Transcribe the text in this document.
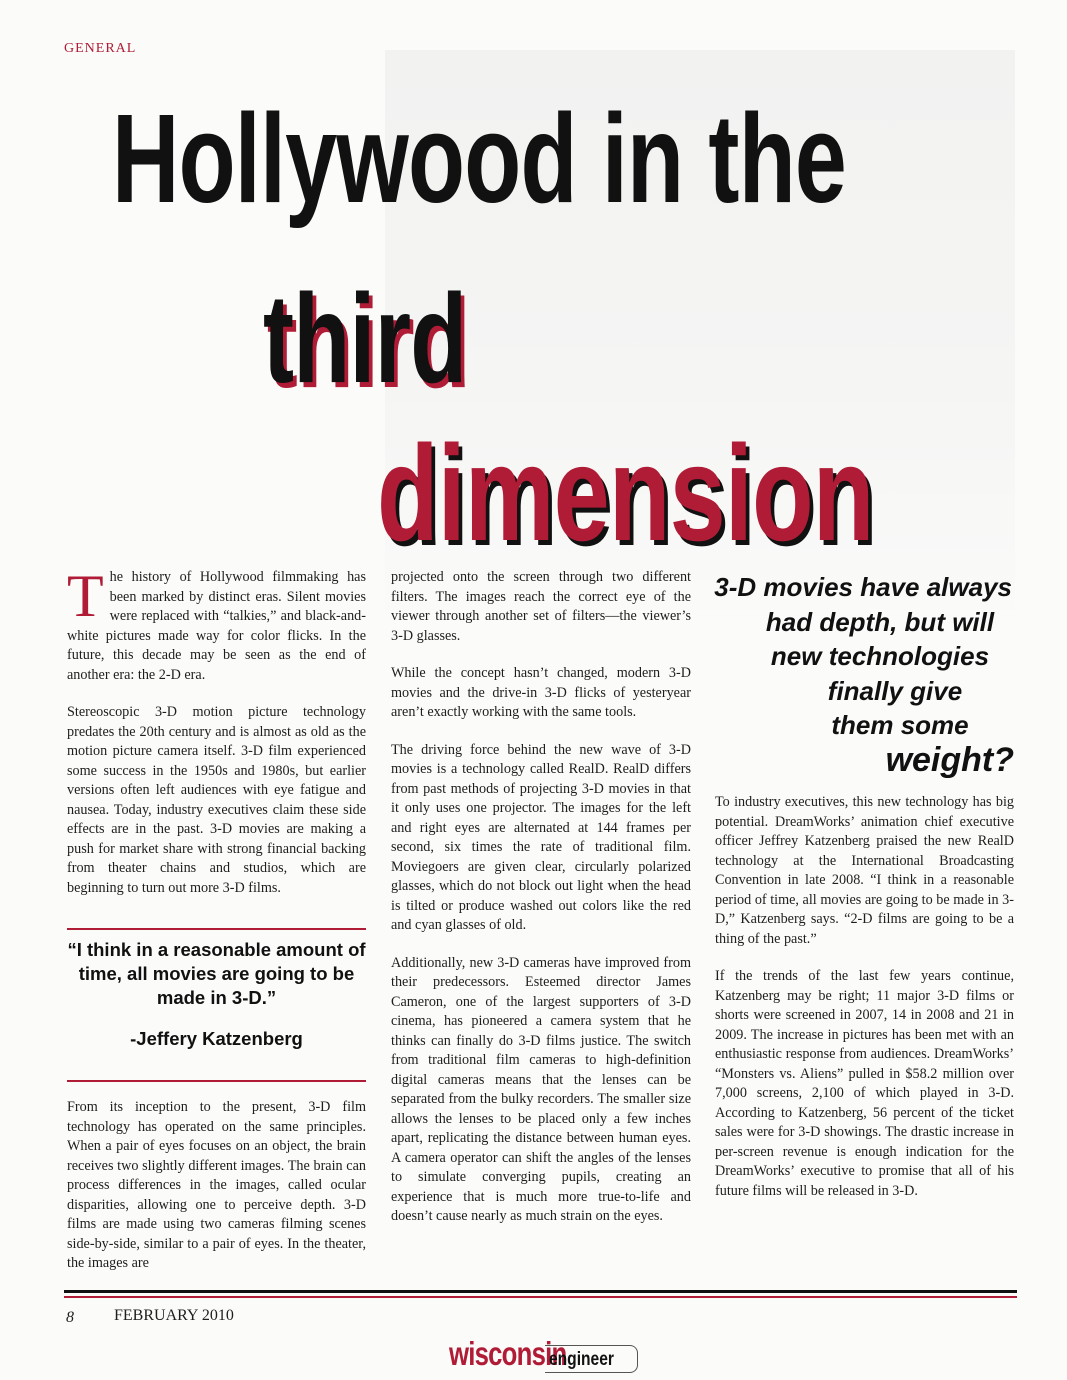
GENERAL
Hollywood in the
third
dimension

The history of Hollywood filmmaking has been marked by distinct eras. Silent movies were replaced with “talkies,” and black-and-white pictures made way for color flicks. In the future, this decade may be seen as the end of another era: the 2-D era.

Stereoscopic 3-D motion picture technology predates the 20th century and is almost as old as the motion picture camera itself. 3-D film experienced some success in the 1950s and 1980s, but earlier versions often left audiences with eye fatigue and nausea. Today, industry executives claim these side effects are in the past. 3-D movies are making a push for market share with strong financial backing from theater chains and studios, which are beginning to turn out more 3-D films.

“I think in a reasonable amount of time, all movies are going to be made in 3-D.”
-Jeffery Katzenberg

From its inception to the present, 3-D film technology has operated on the same principles. When a pair of eyes focuses on an object, the brain receives two slightly different images. The brain can process differences in the images, called ocular disparities, allowing one to perceive depth. 3-D films are made using two cameras filming scenes side-by-side, similar to a pair of eyes. In the theater, the images are

projected onto the screen through two different filters. The images reach the correct eye of the viewer through another set of filters—the viewer’s 3-D glasses.

While the concept hasn’t changed, modern 3-D movies and the drive-in 3-D flicks of yesteryear aren’t exactly working with the same tools.

The driving force behind the new wave of 3-D movies is a technology called RealD. RealD differs from past methods of projecting 3-D movies in that it only uses one projector. The images for the left and right eyes are alternated at 144 frames per second, six times the rate of traditional film. Moviegoers are given clear, circularly polarized glasses, which do not block out light when the head is tilted or produce washed out colors like the red and cyan glasses of old.

Additionally, new 3-D cameras have improved from their predecessors. Esteemed director James Cameron, one of the largest supporters of 3-D cinema, has pioneered a camera system that he thinks can finally do 3-D films justice. The switch from traditional film cameras to high-definition digital cameras means that the lenses can be separated from the bulky recorders. The smaller size allows the lenses to be placed only a few inches apart, replicating the distance between human eyes. A camera operator can shift the angles of the lenses to simulate converging pupils, creating an experience that is much more true-to-life and doesn’t cause nearly as much strain on the eyes.

3-D movies have always
had depth, but will
new technologies
finally give
them some
weight?

To industry executives, this new technology has big potential. DreamWorks’ animation chief executive officer Jeffrey Katzenberg praised the new RealD technology at the International Broadcasting Convention in late 2008. “I think in a reasonable period of time, all movies are going to be made in 3-D,” Katzenberg says. “2-D films are going to be a thing of the past.”

If the trends of the last few years continue, Katzenberg may be right; 11 major 3-D films or shorts were screened in 2007, 14 in 2008 and 21 in 2009. The increase in pictures has been met with an enthusiastic response from audiences. DreamWorks’ “Monsters vs. Aliens” pulled in $58.2 million over 7,000 screens, 2,100 of which played in 3-D. According to Katzenberg, 56 percent of the ticket sales were for 3-D showings. The drastic increase in per-screen revenue is enough indication for the DreamWorks’ executive to promise that all of his future films will be released in 3-D.

8	FEBRUARY 2010
wisconsin
engineer
